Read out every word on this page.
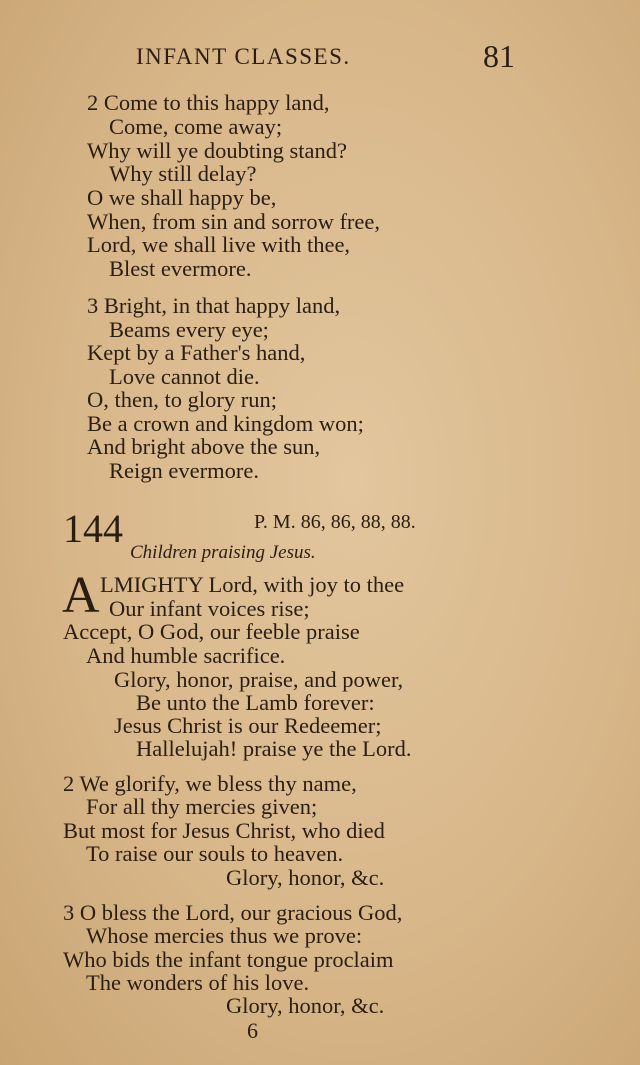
INFANT CLASSES.	81
2 Come to this happy land,
Come, come away;
Why will ye doubting stand?
Why still delay?
O we shall happy be,
When, from sin and sorrow free,
Lord, we shall live with thee,
Blest evermore.
3 Bright, in that happy land,
Beams every eye;
Kept by a Father's hand,
Love cannot die.
O, then, to glory run;
Be a crown and kingdom won;
And bright above the sun,
Reign evermore.
144	P. M. 86, 86, 88, 88.
Children praising Jesus.
A LMIGHTY Lord, with joy to thee
Our infant voices rise;
Accept, O God, our feeble praise
And humble sacrifice.
Glory, honor, praise, and power,
Be unto the Lamb forever:
Jesus Christ is our Redeemer;
Hallelujah! praise ye the Lord.
2 We glorify, we bless thy name,
For all thy mercies given;
But most for Jesus Christ, who died
To raise our souls to heaven.
Glory, honor, &c.
3 O bless the Lord, our gracious God,
Whose mercies thus we prove:
Who bids the infant tongue proclaim
The wonders of his love.
Glory, honor, &c.
6
